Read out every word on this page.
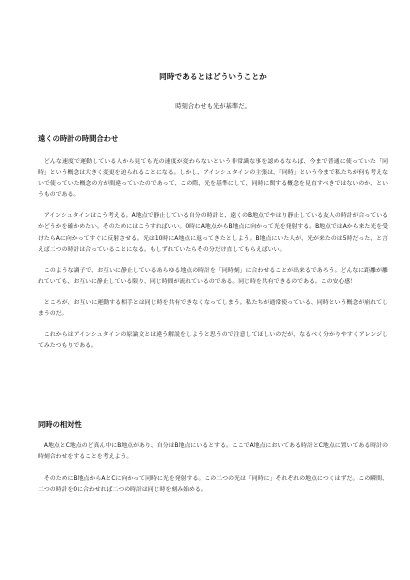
同時であるとはどういうことか

時刻合わせも光が基準だ。

遠くの時計の時間合わせ

どんな速度で運動している人から見ても光の速度が変わらないという非常識な事を認めるならば、今まで普通に使っていた「同時」という概念は大きく変更を迫られることになる。しかし、アインシュタインの主張は、「同時」という今まで私たちが何も考えないで使っていた概念の方が間違っていたのであって、この際、光を基準にして、同時に関する概念を見直すべきではないのか、というものである。

アインシュタインはこう考える。A地点で静止している自分の時計と、遠くのB地点でやはり静止している友人の時計が合っているかどうかを確かめたい。そのためにはこうすればいい。0時にA地点からB地点に向かって光を発射する。B地点ではAから来た光を受けたらAに向かってすぐに反射させる。光は10時にA地点に返ってきたとしよう。B地点にいた人が、光が来たのは5時だった、と言えば二つの時計は合っていることになる。もしずれていたらその分だけ直してもらえばいい。

このような調子で、お互いに静止しているあらゆる地点の時計を「同時刻」に合わせることが出来るであろう。どんなに距離が離れていても、お互いに静止している限り、同じ時間が流れているのである。同じ時を共有できるのである。この安心感！

ところが、お互いに運動する相手とは同じ時を共有できなくなってしまう。私たちが通常使っている、同時という概念が崩れてしまうのだ。

これからはアインシュタインの原論文とは違う解説をしようと思うので注意してほしいのだが、なるべく分かりやすくアレンジしてみたつもりである。

同時の相対性

A地点とC地点のど真ん中にB地点があり、自分はB地点にいるとする。ここでA地点においてある時計とC地点に置いてある時計の時刻合わせをすることを考えよう。

そのためにB地点からAとCに向かって同時に光を発射する。この二つの光は「同時に」それぞれの地点につくはずだ。この瞬間、二つの時計を0に合わせれば二つの時計は同じ時を刻み始める。
